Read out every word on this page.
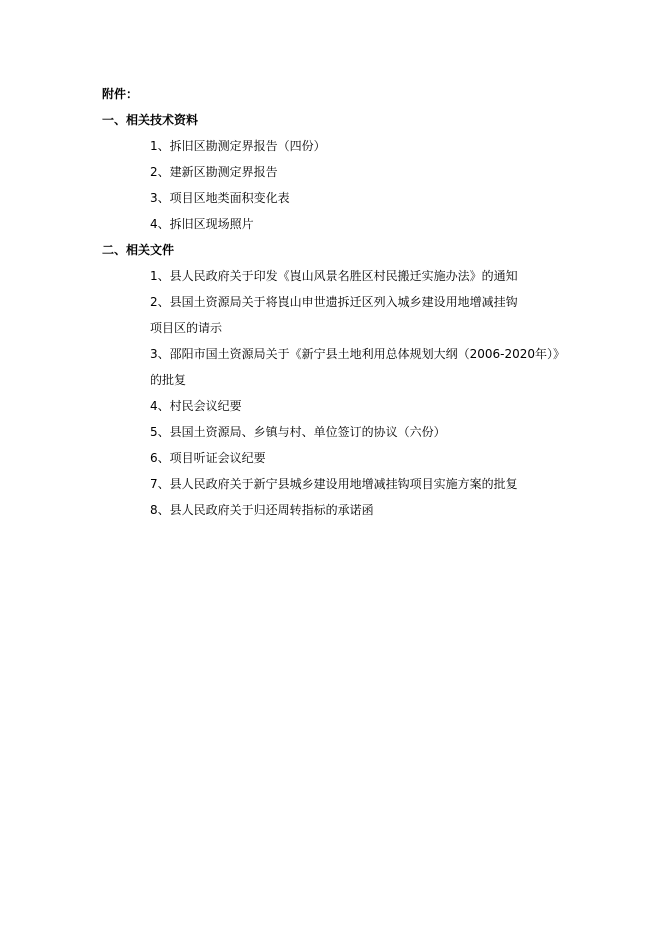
附件：
一、相关技术资料
1、拆旧区勘测定界报告（四份）
2、建新区勘测定界报告
3、项目区地类面积变化表
4、拆旧区现场照片
二、相关文件
1、县人民政府关于印发《崀山风景名胜区村民搬迁实施办法》的通知
2、县国土资源局关于将崀山申世遗拆迁区列入城乡建设用地增减挂钩
项目区的请示
3、邵阳市国土资源局关于《新宁县土地利用总体规划大纲（2006-2020年）》
的批复
4、村民会议纪要
5、县国土资源局、乡镇与村、单位签订的协议（六份）
6、项目听证会议纪要
7、县人民政府关于新宁县城乡建设用地增减挂钩项目实施方案的批复
8、县人民政府关于归还周转指标的承诺函
